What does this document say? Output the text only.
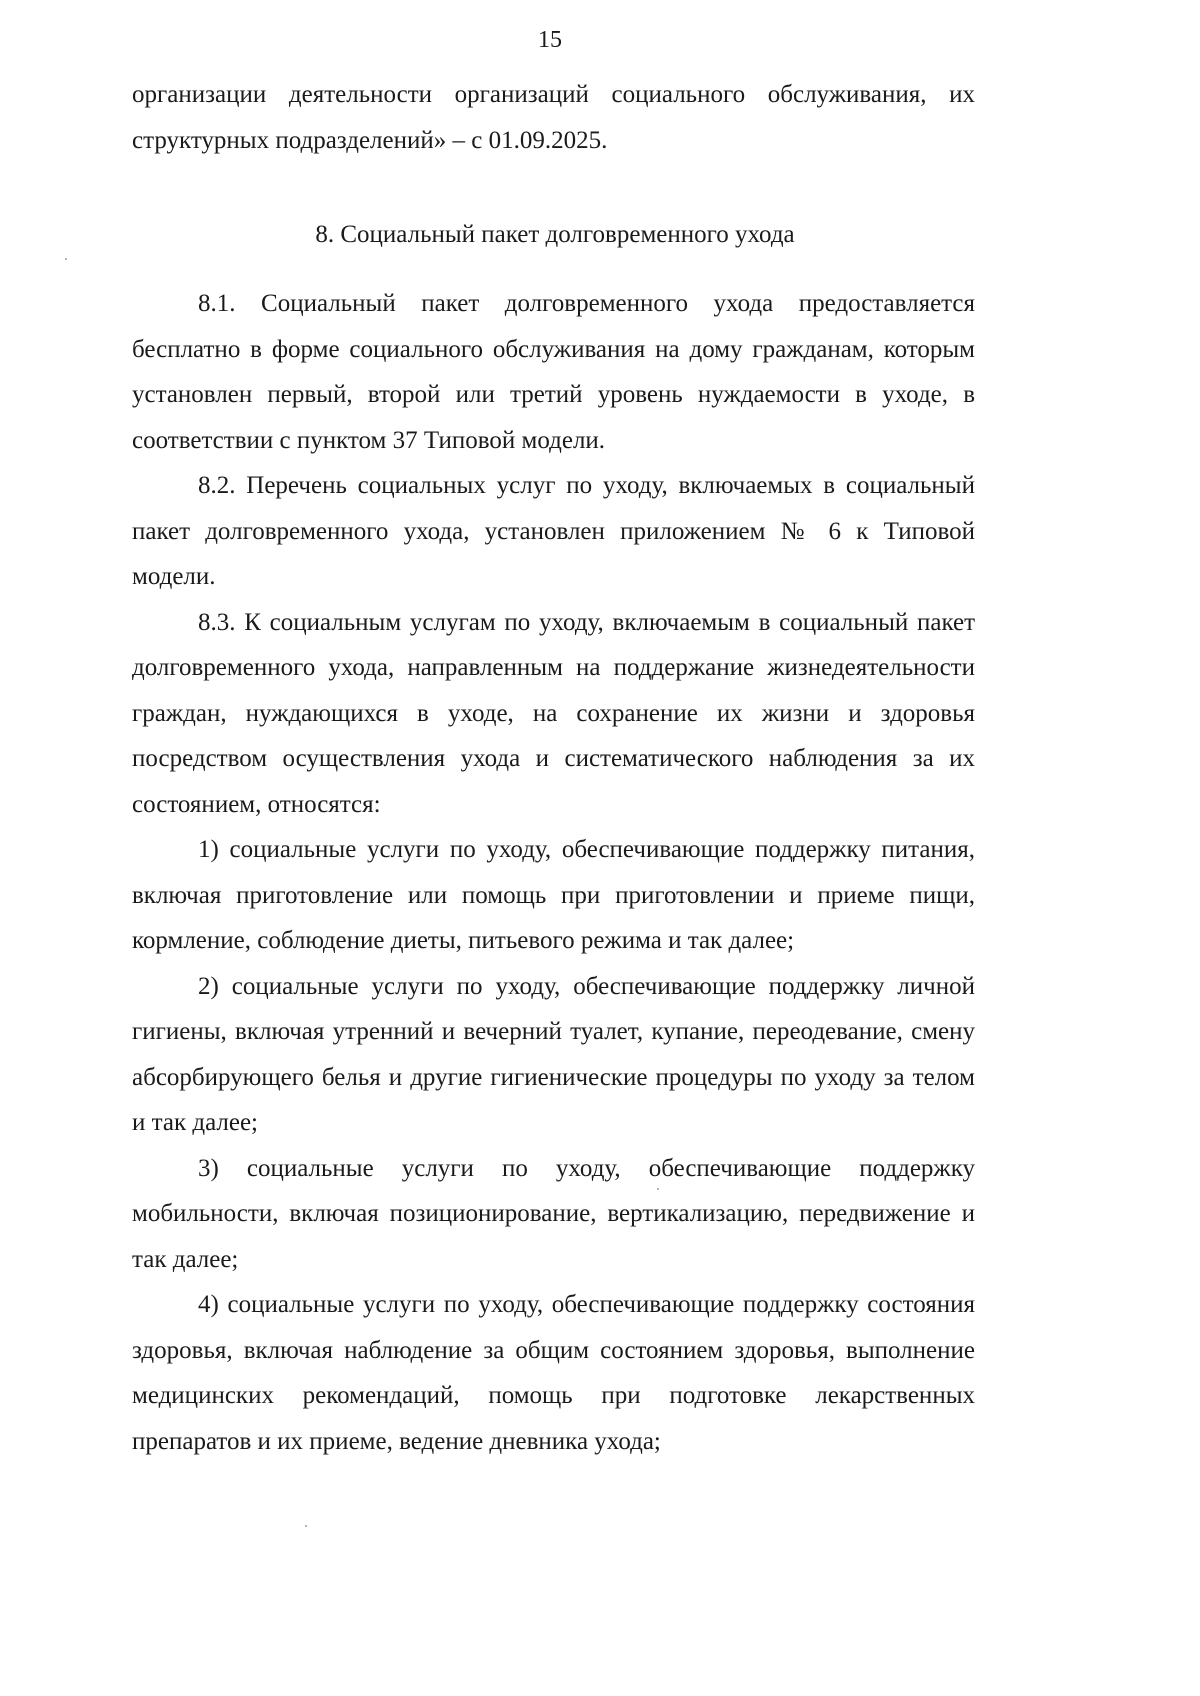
15

организации деятельности организаций социального обслуживания, их структурных подразделений» – с 01.09.2025.

8. Социальный пакет долговременного ухода

8.1. Социальный пакет долговременного ухода предоставляется бесплатно в форме социального обслуживания на дому гражданам, которым установлен первый, второй или третий уровень нуждаемости в уходе, в соответствии с пунктом 37 Типовой модели.

8.2. Перечень социальных услуг по уходу, включаемых в социальный пакет долговременного ухода, установлен приложением № 6 к Типовой модели.

8.3. К социальным услугам по уходу, включаемым в социальный пакет долговременного ухода, направленным на поддержание жизнедеятельности граждан, нуждающихся в уходе, на сохранение их жизни и здоровья посредством осуществления ухода и систематического наблюдения за их состоянием, относятся:

1) социальные услуги по уходу, обеспечивающие поддержку питания, включая приготовление или помощь при приготовлении и приеме пищи, кормление, соблюдение диеты, питьевого режима и так далее;

2) социальные услуги по уходу, обеспечивающие поддержку личной гигиены, включая утренний и вечерний туалет, купание, переодевание, смену абсорбирующего белья и другие гигиенические процедуры по уходу за телом и так далее;

3) социальные услуги по уходу, обеспечивающие поддержку мобильности, включая позиционирование, вертикализацию, передвижение и так далее;

4) социальные услуги по уходу, обеспечивающие поддержку состояния здоровья, включая наблюдение за общим состоянием здоровья, выполнение медицинских рекомендаций, помощь при подготовке лекарственных препаратов и их приеме, ведение дневника ухода;
